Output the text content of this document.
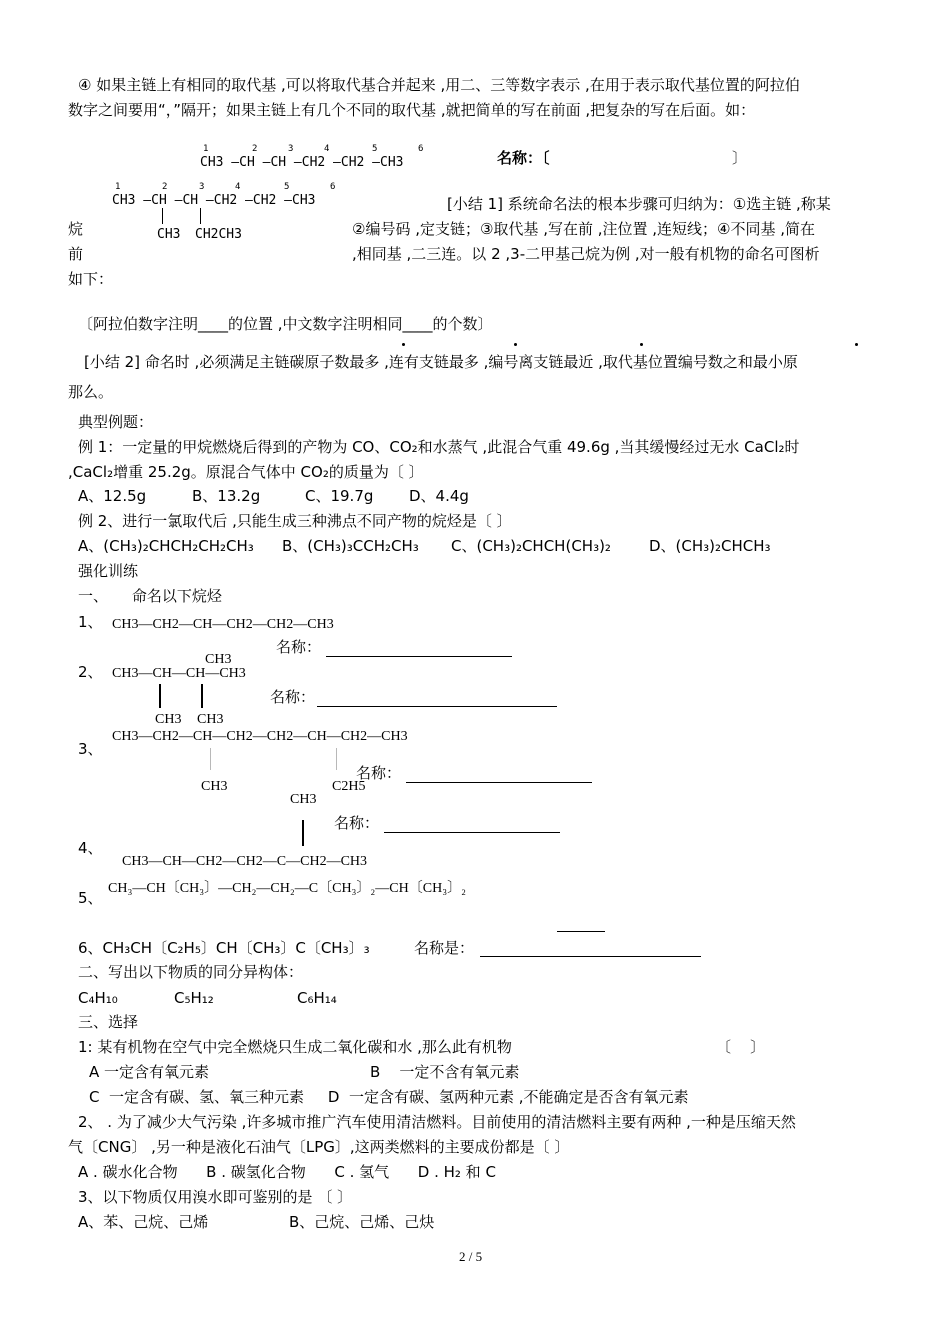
④ 如果主链上有相同的取代基 ,可以将取代基合并起来 ,用二、三等数字表示 ,在用于表示取代基位置的阿拉伯
数字之间要用“，”隔开；如果主链上有几个不同的取代基 ,就把简单的写在前面 ,把复杂的写在后面。如：
1	2	3	4	5	6
CH3 —CH —CH —CH2 —CH2 —CH3	名称：〔	〕
1	2	3	4	5	6
CH3 —CH —CH —CH2 —CH2 —CH3
CH3 CH2CH3
[小结 1] 系统命名法的根本步骤可归纳为：①选主链 ,称某
烷	②编号码 ,定支链；③取代基 ,写在前 ,注位置 ,连短线；④不同基 ,简在
前	,相同基 ,二三连。以 2 ,3-二甲基己烷为例 ,对一般有机物的命名可图析
如下：
〔阿拉伯数字注明____的位置 ,中文数字注明相同____的个数〕
[小结 2] 命名时 ,必须满足主链碳原子数最多 ,连有支链最多 ,编号离支链最近 ,取代基位置编号数之和最小原
那么。
典型例题：
例 1：一定量的甲烷燃烧后得到的产物为 CO、CO₂和水蒸气 ,此混合气重 49.6g ,当其缓慢经过无水 CaCl₂时
,CaCl₂增重 25.2g。原混合气体中 CO₂的质量为〔 〕
A、12.5g	B、13.2g	C、19.7g D、4.4g
例 2、进行一氯取代后 ,只能生成三种沸点不同产物的烷烃是〔 〕
A、(CH₃)₂CHCH₂CH₂CH₃ B、(CH₃)₃CCH₂CH₃ C、(CH₃)₂CHCH(CH₃)₂	D、(CH₃)₂CHCH₃
强化训练
一、     命名以下烷烃
1、 CH3—CH2—CH—CH2—CH2—CH3
名称：
CH3
2、 CH3—CH—CH—CH3
名称：
CH3 CH3
3、
CH3—CH2—CH—CH2—CH2—CH—CH2—CH3
CH3	C2H5
名称：
CH3
名称：
4、
CH3—CH—CH2—CH2—C—CH2—CH3
5、
CH₃—CH〔CH₃〕—CH₂—CH₂—C〔CH₃〕₂—CH〔CH₃〕₂
6、CH₃CH〔C₂H₅〕CH〔CH₃〕C〔CH₃〕₃	名称是：
二、写出以下物质的同分异构体：
C₄H₁₀	C₅H₁₂	C₆H₁₄
三、选择
1: 某有机物在空气中完全燃烧只生成二氧化碳和水 ,那么此有机物	〔    〕
A 一定含有氧元素	B    一定不含有氧元素
C  一定含有碳、氢、氧三种元素     D  一定含有碳、氢两种元素 ,不能确定是否含有氧元素
2、 . 为了减少大气污染 ,许多城市推广汽车使用清洁燃料。目前使用的清洁燃料主要有两种 ,一种是压缩天然
气〔CNG〕 ,另一种是液化石油气〔LPG〕,这两类燃料的主要成份都是〔 〕
A . 碳水化合物      B . 碳氢化合物      C . 氢气      D . H₂ 和 C
3、以下物质仅用溴水即可鉴别的是 〔 〕
A、苯、己烷、己烯	B、己烷、己烯、己炔
2 / 5
